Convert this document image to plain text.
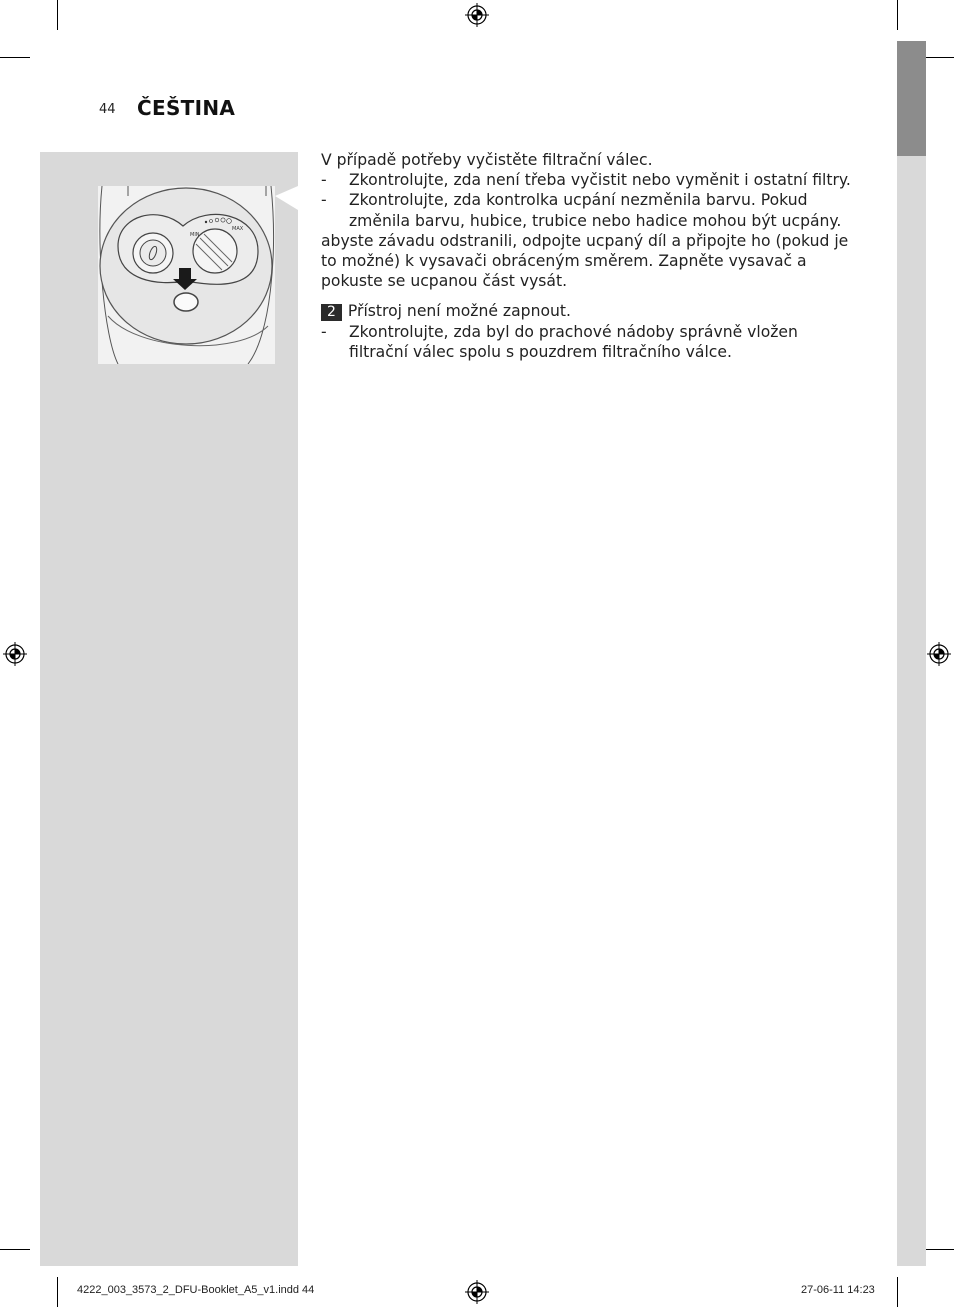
44 ČEŠTINA
MIN
MAX

V případě potřeby vyčistěte filtrační válec.

- Zkontrolujte, zda není třeba vyčistit nebo vyměnit i ostatní filtry.

- Zkontrolujte, zda kontrolka ucpání nezměnila barvu. Pokud změnila barvu, hubice, trubice nebo hadice mohou být ucpány.

abyste závadu odstranili, odpojte ucpaný díl a připojte ho (pokud je to možné) k vysavači obráceným směrem. Zapněte vysavač a pokuste se ucpanou část vysát.

2 Přístroj není možné zapnout.

- Zkontrolujte, zda byl do prachové nádoby správně vložen filtrační válec spolu s pouzdrem filtračního válce.

4222_003_3573_2_DFU-Booklet_A5_v1.indd 44	27-06-11 14:23
